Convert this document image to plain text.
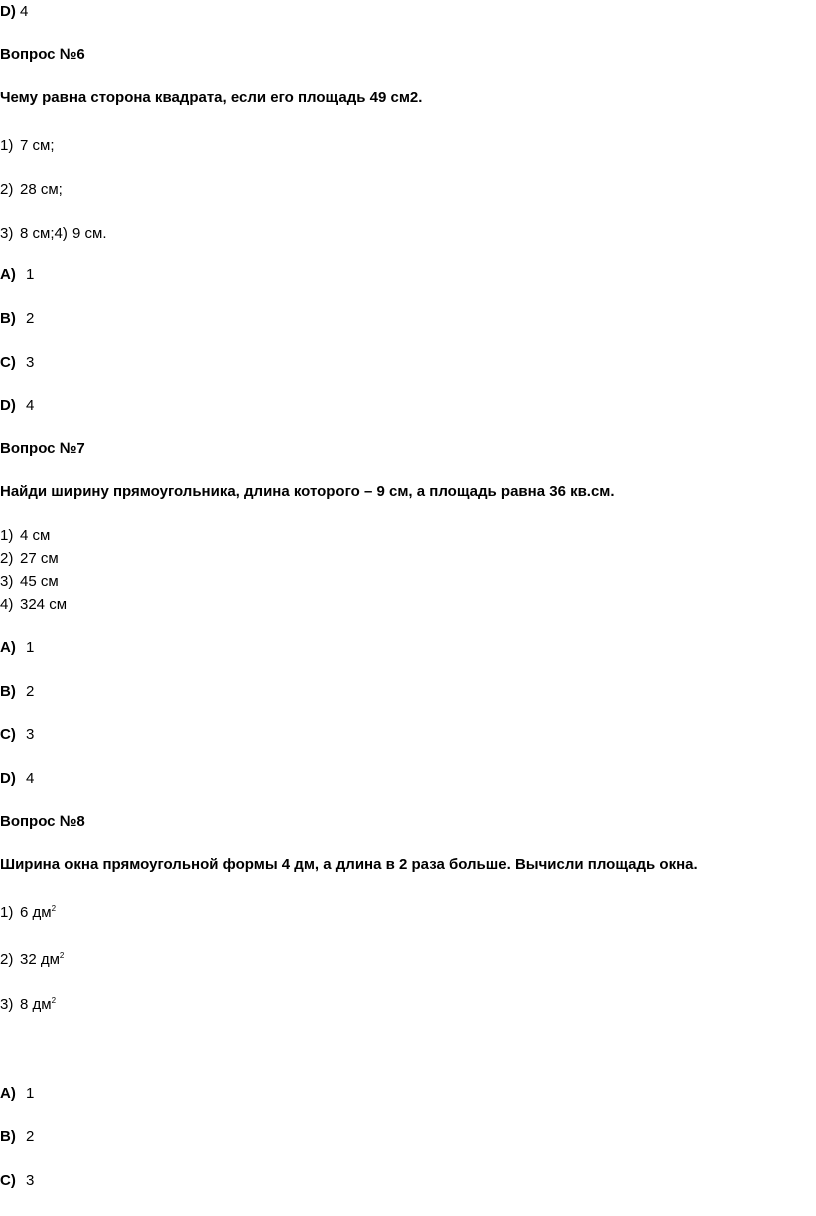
D) 4
Вопрос №6
Чему равна сторона квадрата, если его площадь 49 см2.
1) 7 см;
2) 28 см;
3) 8 см;4) 9 см.
A) 1
B) 2
C) 3
D) 4
Вопрос №7
Найди ширину прямоугольника, длина которого – 9 см, а площадь равна 36 кв.см.
1) 4 см
2) 27 см
3) 45 см
4) 324 см
A) 1
B) 2
C) 3
D) 4
Вопрос №8
Ширина окна прямоугольной формы 4 дм, а длина в 2 раза больше. Вычисли площадь окна.
1) 6 $дм^2$
2) 32 $дм^2$
3) 8 $дм^2$
A) 1
B) 2
C) 3
